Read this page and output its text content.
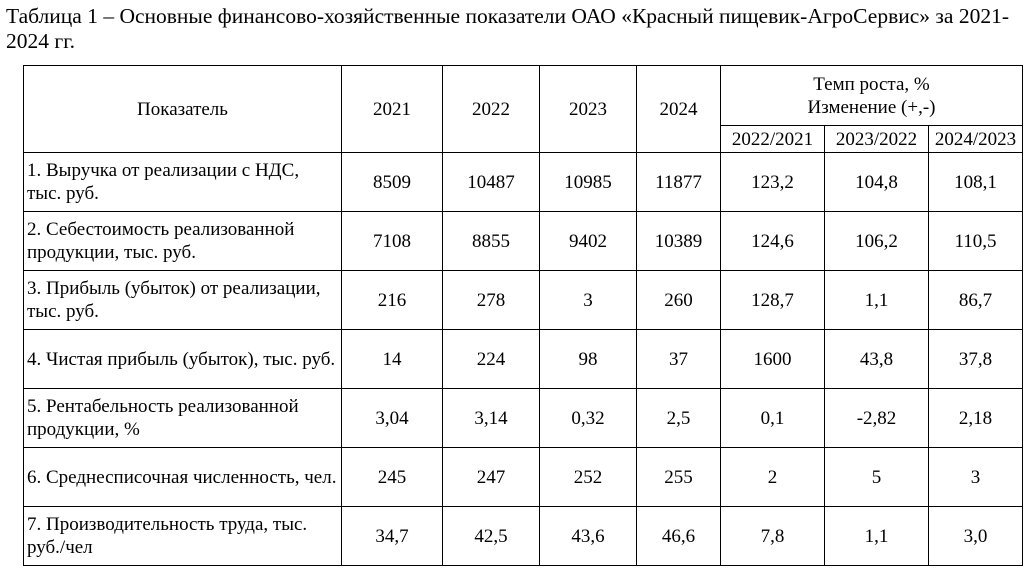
Таблица 1 – Основные финансово-хозяйственные показатели ОАО «Красный пищевик-АгроСервис» за 2021-2024 гг.
Показатель	2021	2022	2023	2024	Темп роста, %
Изменение (+,-)		

					2022/2021	2023/2022	2024/2023
1. Выручка от реализации с НДС, тыс. руб.	8509	10487	10985	11877	123,2	104,8	108,1
2. Себестоимость реализованной продукции, тыс. руб.	7108	8855	9402	10389	124,6	106,2	110,5
3. Прибыль (убыток) от реализации, тыс. руб.	216	278	3	260	128,7	1,1	86,7
4. Чистая прибыль (убыток), тыс. руб.	14	224	98	37	1600	43,8	37,8
5. Рентабельность реализованной продукции, %	3,04	3,14	0,32	2,5	0,1	-2,82	2,18
6. Среднесписочная численность, чел.	245	247	252	255	2	5	3
7. Производительность труда, тыс. руб./чел	34,7	42,5	43,6	46,6	7,8	1,1	3,0
